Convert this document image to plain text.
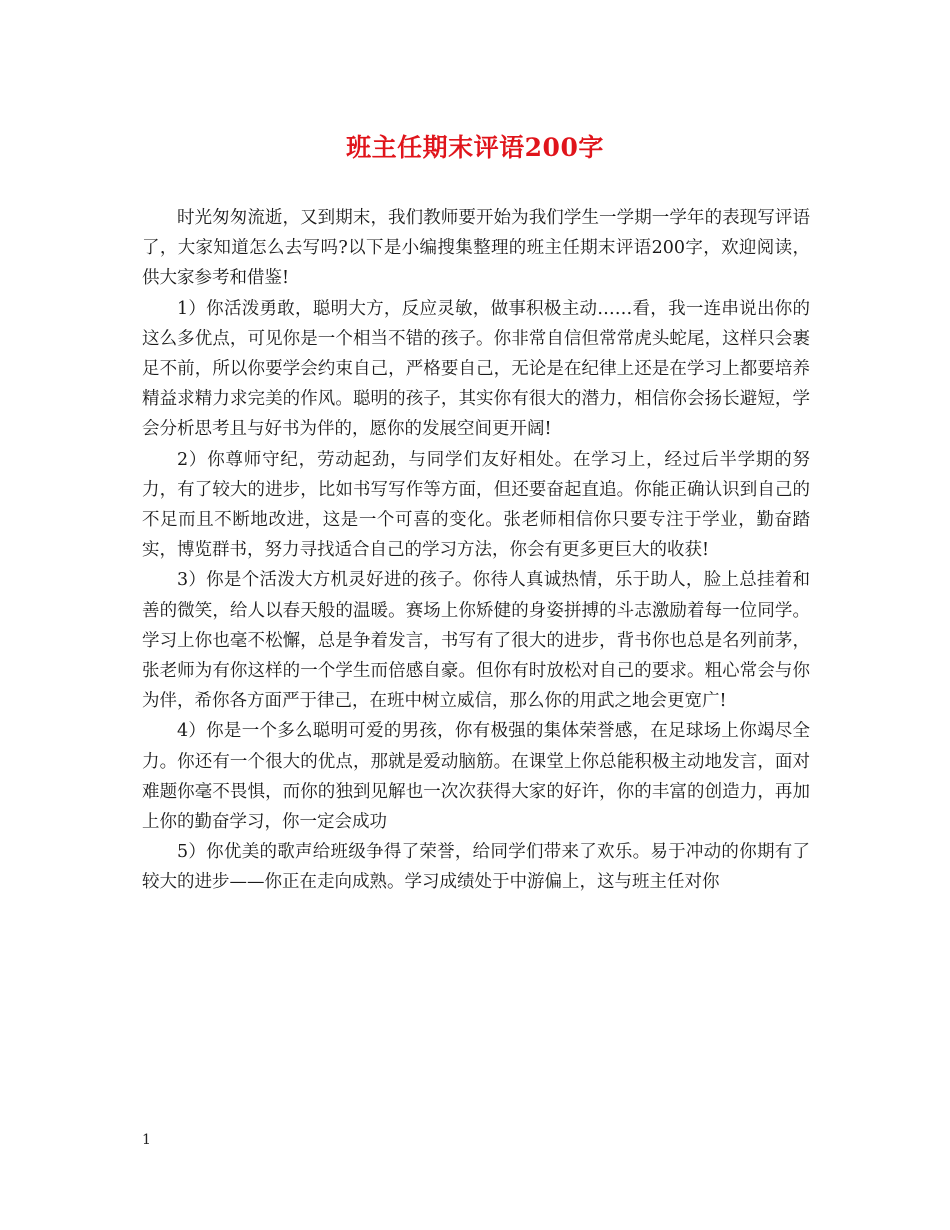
班主任期末评语200字

时光匆匆流逝，又到期末，我们教师要开始为我们学生一学期一学年的表现写评语了，大家知道怎么去写吗?以下是小编搜集整理的班主任期末评语200字，欢迎阅读，供大家参考和借鉴!

1）你活泼勇敢，聪明大方，反应灵敏，做事积极主动……看，我一连串说出你的这么多优点，可见你是一个相当不错的孩子。你非常自信但常常虎头蛇尾，这样只会裹足不前，所以你要学会约束自己，严格要自己，无论是在纪律上还是在学习上都要培养精益求精力求完美的作风。聪明的孩子，其实你有很大的潜力，相信你会扬长避短，学会分析思考且与好书为伴的，愿你的发展空间更开阔!

2）你尊师守纪，劳动起劲，与同学们友好相处。在学习上，经过后半学期的努力，有了较大的进步，比如书写写作等方面，但还要奋起直追。你能正确认识到自己的不足而且不断地改进，这是一个可喜的变化。张老师相信你只要专注于学业，勤奋踏实，博览群书，努力寻找适合自己的学习方法，你会有更多更巨大的收获!

3）你是个活泼大方机灵好进的孩子。你待人真诚热情，乐于助人，脸上总挂着和善的微笑，给人以春天般的温暖。赛场上你矫健的身姿拼搏的斗志激励着每一位同学。学习上你也毫不松懈，总是争着发言，书写有了很大的进步，背书你也总是名列前茅，张老师为有你这样的一个学生而倍感自豪。但你有时放松对自己的要求。粗心常会与你为伴，希你各方面严于律己，在班中树立威信，那么你的用武之地会更宽广!

4）你是一个多么聪明可爱的男孩，你有极强的集体荣誉感，在足球场上你竭尽全力。你还有一个很大的优点，那就是爱动脑筋。在课堂上你总能积极主动地发言，面对难题你毫不畏惧，而你的独到见解也一次次获得大家的好许，你的丰富的创造力，再加上你的勤奋学习，你一定会成功

5）你优美的歌声给班级争得了荣誉，给同学们带来了欢乐。易于冲动的你期有了较大的进步——你正在走向成熟。学习成绩处于中游偏上，这与班主任对你

1
